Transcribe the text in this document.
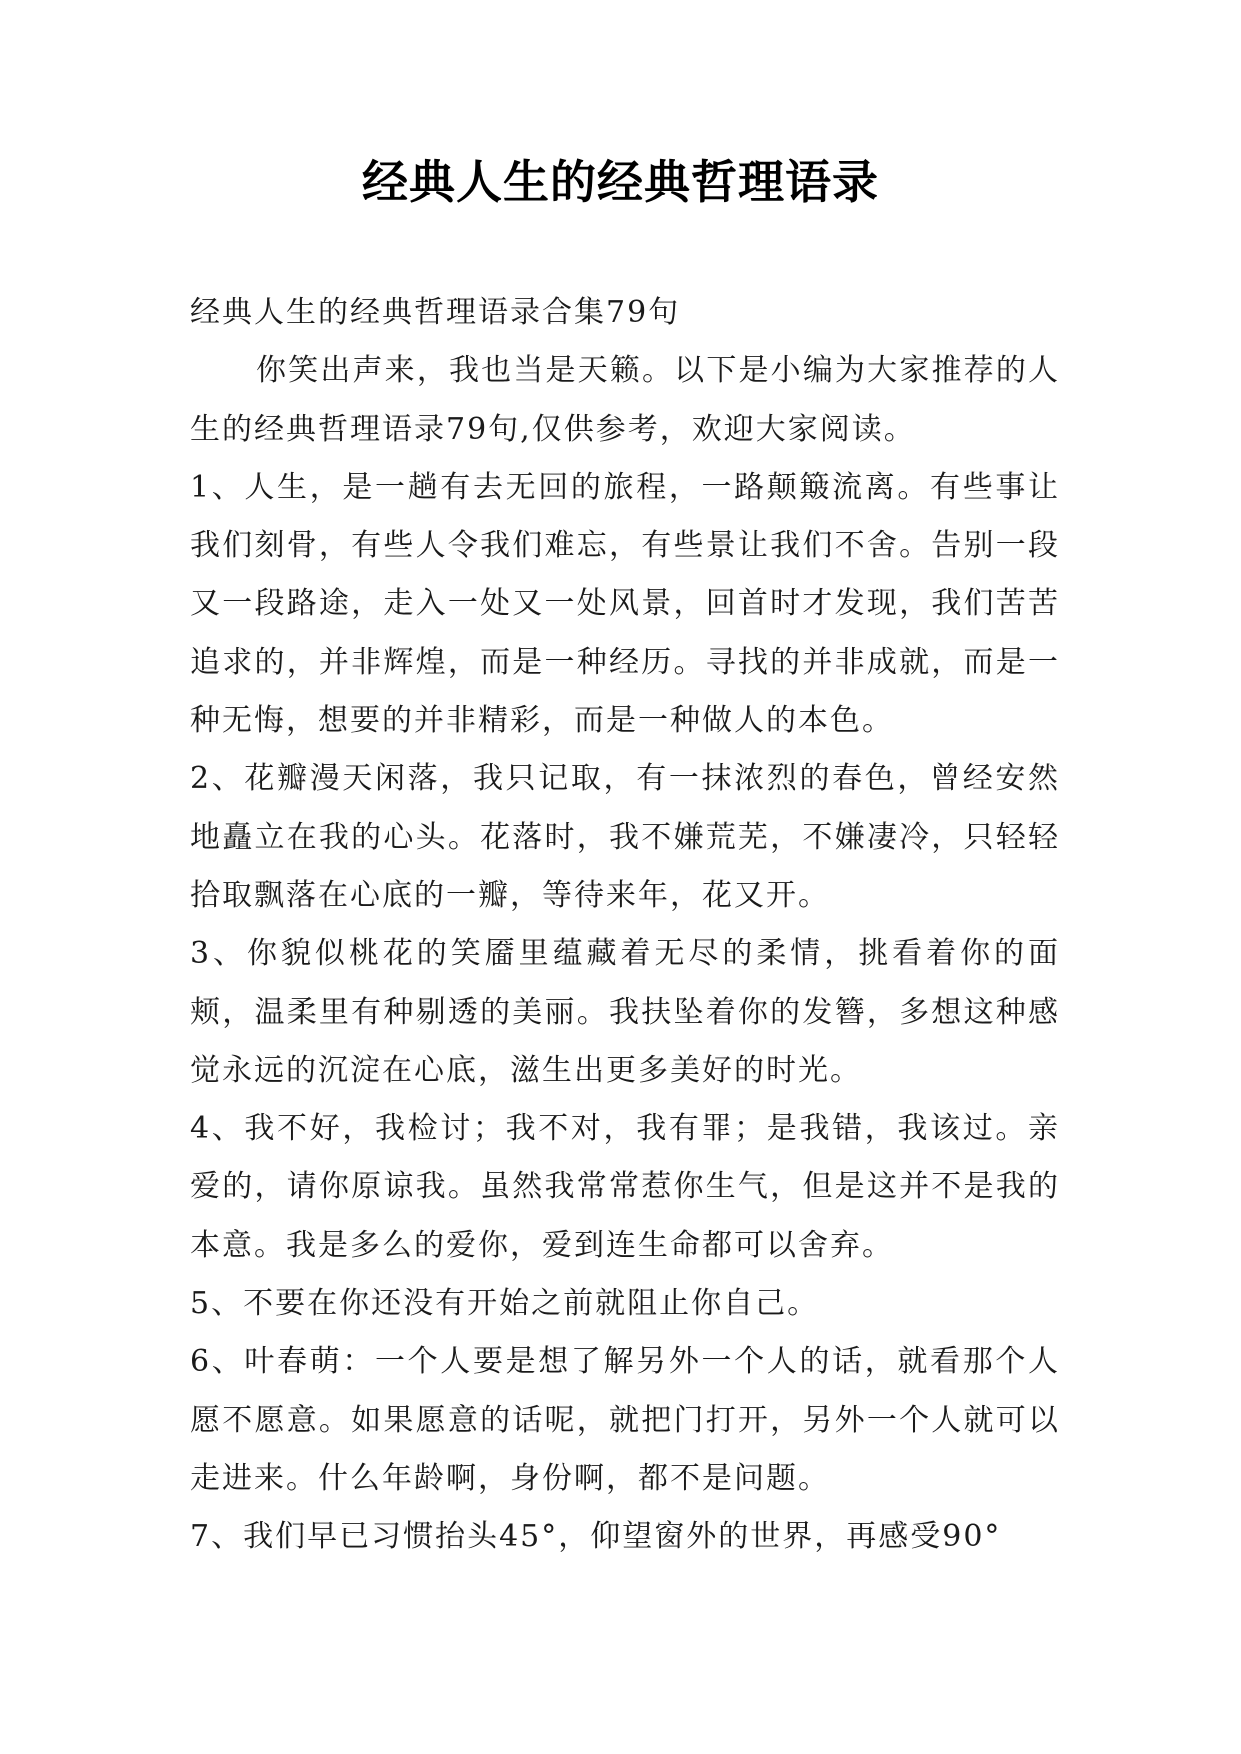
经典人生的经典哲理语录

经典人生的经典哲理语录合集79句

你笑出声来，我也当是天籁。以下是小编为大家推荐的人生的经典哲理语录79句,仅供参考，欢迎大家阅读。

1、人生，是一趟有去无回的旅程，一路颠簸流离。有些事让我们刻骨，有些人令我们难忘，有些景让我们不舍。告别一段又一段路途，走入一处又一处风景，回首时才发现，我们苦苦追求的，并非辉煌，而是一种经历。寻找的并非成就，而是一种无悔，想要的并非精彩，而是一种做人的本色。

2、花瓣漫天闲落，我只记取，有一抹浓烈的春色，曾经安然地矗立在我的心头。花落时，我不嫌荒芜，不嫌凄冷，只轻轻拾取飘落在心底的一瓣，等待来年，花又开。

3、你貌似桃花的笑靥里蕴藏着无尽的柔情，挑看着你的面颊，温柔里有种剔透的美丽。我扶坠着你的发簪，多想这种感觉永远的沉淀在心底，滋生出更多美好的时光。

4、我不好，我检讨；我不对，我有罪；是我错，我该过。亲爱的，请你原谅我。虽然我常常惹你生气，但是这并不是我的本意。我是多么的爱你，爱到连生命都可以舍弃。

5、不要在你还没有开始之前就阻止你自己。

6、叶春萌：一个人要是想了解另外一个人的话，就看那个人愿不愿意。如果愿意的话呢，就把门打开，另外一个人就可以走进来。什么年龄啊，身份啊，都不是问题。

7、我们早已习惯抬头45°，仰望窗外的世界，再感受90°
